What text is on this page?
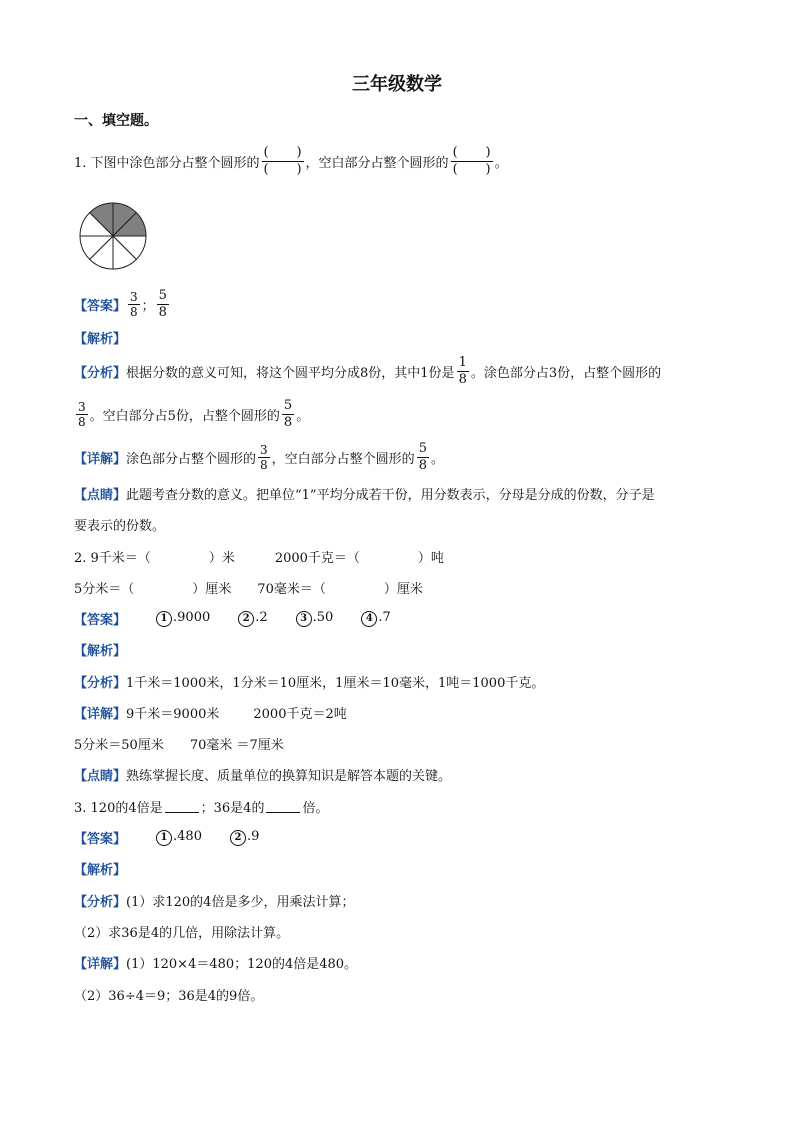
三年级数学
一、填空题。
1. 下图中涂色部分占整个圆形的 $\frac{( )}{( )}$ ，空白部分占整个圆形的 $\frac{( )}{( )}$ 。
【答案】 $\frac{3}{8}$ ； $\frac{5}{8}$
【解析】
【分析】 根据分数的意义可知，将这个圆平均分成8份，其中1份是 $\frac{1}{8}$ 。涂色部分占3份，占整个圆形的
$\frac{3}{8}$ 。空白部分占5份，占整个圆形的 $\frac{5}{8}$ 。
【详解】 涂色部分占整个圆形的 $\frac{3}{8}$ ，空白部分占整个圆形的 $\frac{5}{8}$ 。
【点睛】 此题考查分数的意义。把单位“1”平均分成若干份，用分数表示，分母是分成的份数，分子是
要表示的份数。
2. 9千米＝（	）米	2000千克＝（	）吨
5分米＝（	）厘米 70毫米＝（	）厘米
【答案】	1 .9000	2 .2	3 .50	4 .7
【解析】
【分析】 1千米＝1000米，1分米＝10厘米，1厘米＝10毫米，1吨＝1000千克。
【详解】 9千米＝9000米	2000千克＝2吨
5分米＝50厘米 70毫米 ＝7厘米
【点睛】 熟练掌握长度、质量单位的换算知识是解答本题的关键。
3. 120的4倍是	；36是4的	倍。
【答案】	1 .480	2 .9
【解析】
【分析】 (1）求120的4倍是多少，用乘法计算；
（2）求36是4的几倍，用除法计算。
【详解】 (1）120×4＝480；120的4倍是480。
（2）36÷4＝9；36是4的9倍。
